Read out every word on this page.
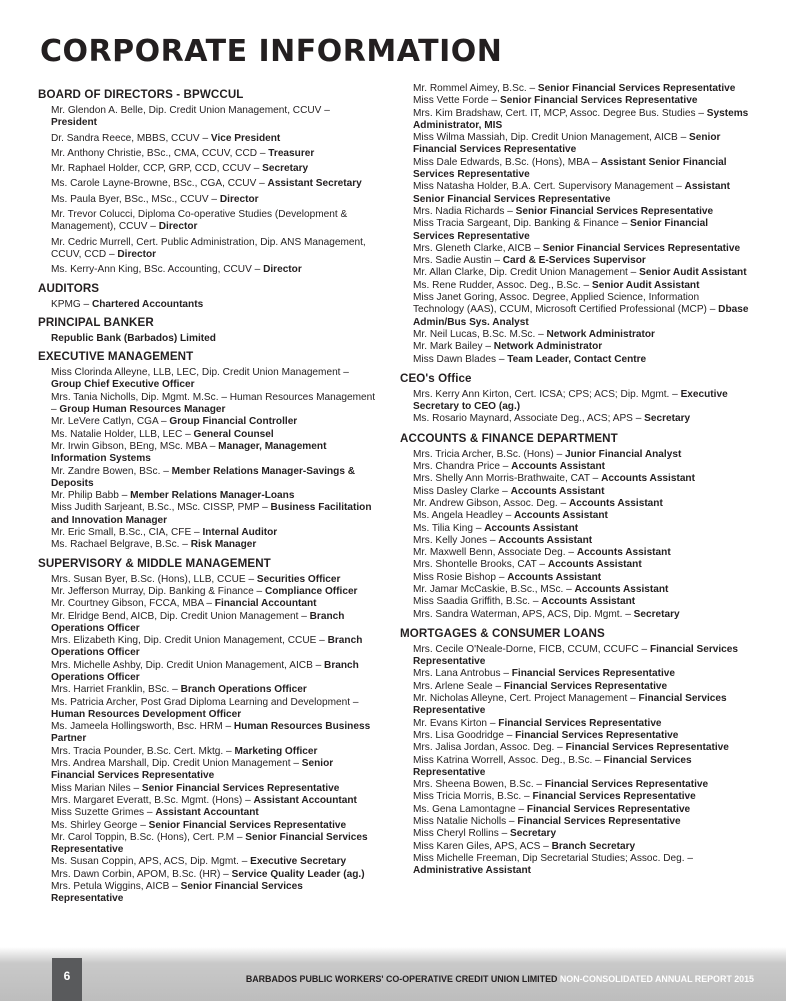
CORPORATE INFORMATION
BOARD OF DIRECTORS - BPWCCUL
Mr. Glendon A. Belle, Dip. Credit Union Management, CCUV – President
Dr. Sandra Reece, MBBS, CCUV – Vice President
Mr. Anthony Christie, BSc., CMA, CCUV, CCD – Treasurer
Mr. Raphael Holder, CCP, GRP, CCD, CCUV – Secretary
Ms. Carole Layne-Browne, BSc., CGA, CCUV – Assistant Secretary
Ms. Paula Byer, BSc., MSc., CCUV – Director
Mr. Trevor Colucci, Diploma Co-operative Studies (Development & Management), CCUV – Director
Mr. Cedric Murrell, Cert. Public Administration, Dip. ANS Management, CCUV, CCD – Director
Ms. Kerry-Ann King, BSc. Accounting, CCUV – Director
AUDITORS
KPMG – Chartered Accountants
PRINCIPAL BANKER
Republic Bank (Barbados) Limited
EXECUTIVE MANAGEMENT
Miss Clorinda Alleyne, LLB, LEC, Dip. Credit Union Management – Group Chief Executive Officer
Mrs. Tania Nicholls, Dip. Mgmt. M.Sc. – Human Resources Management – Group Human Resources Manager
Mr. LeVere Catlyn, CGA – Group Financial Controller
Ms. Natalie Holder, LLB, LEC – General Counsel
Mr. Irwin Gibson, BEng, MSc. MBA – Manager, Management Information Systems
Mr. Zandre Bowen, BSc. – Member Relations Manager-Savings & Deposits
Mr. Philip Babb – Member Relations Manager-Loans
Miss Judith Sarjeant, B.Sc., MSc. CISSP, PMP – Business Facilitation and Innovation Manager
Mr. Eric Small, B.Sc., CIA, CFE – Internal Auditor
Ms. Rachael Belgrave, B.Sc. – Risk Manager
SUPERVISORY & MIDDLE MANAGEMENT
Mrs. Susan Byer, B.Sc. (Hons), LLB, CCUE – Securities Officer
Mr. Jefferson Murray, Dip. Banking & Finance – Compliance Officer
Mr. Courtney Gibson, FCCA, MBA – Financial Accountant
Mr. Elridge Bend, AICB, Dip. Credit Union Management – Branch Operations Officer
Mrs. Elizabeth King, Dip. Credit Union Management, CCUE – Branch Operations Officer
Mrs. Michelle Ashby, Dip. Credit Union Management, AICB – Branch Operations Officer
Mrs. Harriet Franklin, BSc. – Branch Operations Officer
Ms. Patricia Archer, Post Grad Diploma Learning and Development – Human Resources Development Officer
Ms. Jameela Hollingsworth, Bsc. HRM – Human Resources Business Partner
Mrs. Tracia Pounder, B.Sc. Cert. Mktg. – Marketing Officer
Mrs. Andrea Marshall, Dip. Credit Union Management – Senior Financial Services Representative
Miss Marian Niles – Senior Financial Services Representative
Mrs. Margaret Everatt, B.Sc. Mgmt. (Hons) – Assistant Accountant
Miss Suzette Grimes – Assistant Accountant
Ms. Shirley George – Senior Financial Services Representative
Mr. Carol Toppin, B.Sc. (Hons), Cert. P.M – Senior Financial Services Representative
Ms. Susan Coppin, APS, ACS, Dip. Mgmt. – Executive Secretary
Mrs. Dawn Corbin, APOM, B.Sc. (HR) – Service Quality Leader (ag.)
Mrs. Petula Wiggins, AICB – Senior Financial Services Representative
Mr. Rommel Aimey, B.Sc. – Senior Financial Services Representative
Miss Vette Forde – Senior Financial Services Representative
Mrs. Kim Bradshaw, Cert. IT, MCP, Assoc. Degree Bus. Studies – Systems Administrator, MIS
Miss Wilma Massiah, Dip. Credit Union Management, AICB – Senior Financial Services Representative
Miss Dale Edwards, B.Sc. (Hons), MBA – Assistant Senior Financial Services Representative
Miss Natasha Holder, B.A. Cert. Supervisory Management – Assistant Senior Financial Services Representative
Mrs. Nadia Richards – Senior Financial Services Representative
Miss Tracia Sargeant, Dip. Banking & Finance – Senior Financial Services Representative
Mrs. Gleneth Clarke, AICB – Senior Financial Services Representative
Mrs. Sadie Austin – Card & E-Services Supervisor
Mr. Allan Clarke, Dip. Credit Union Management – Senior Audit Assistant
Ms. Rene Rudder, Assoc. Deg., B.Sc. – Senior Audit Assistant
Miss Janet Goring, Assoc. Degree, Applied Science, Information Technology (AAS), CCUM, Microsoft Certified Professional (MCP) – Dbase Admin/Bus Sys. Analyst
Mr. Neil Lucas, B.Sc. M.Sc. – Network Administrator
Mr. Mark Bailey – Network Administrator
Miss Dawn Blades – Team Leader, Contact Centre
CEO's Office
Mrs. Kerry Ann Kirton, Cert. ICSA; CPS; ACS; Dip. Mgmt. – Executive Secretary to CEO (ag.)
Ms. Rosario Maynard, Associate Deg., ACS; APS – Secretary
ACCOUNTS & FINANCE DEPARTMENT
Mrs. Tricia Archer, B.Sc. (Hons) – Junior Financial Analyst
Mrs. Chandra Price – Accounts Assistant
Mrs. Shelly Ann Morris-Brathwaite, CAT – Accounts Assistant
Miss Dasley Clarke – Accounts Assistant
Mr. Andrew Gibson, Assoc. Deg. – Accounts Assistant
Ms. Angela Headley – Accounts Assistant
Ms. Tilia King – Accounts Assistant
Mrs. Kelly Jones – Accounts Assistant
Mr. Maxwell Benn, Associate Deg. – Accounts Assistant
Mrs. Shontelle Brooks, CAT – Accounts Assistant
Miss Rosie Bishop – Accounts Assistant
Mr. Jamar McCaskie, B.Sc., MSc. – Accounts Assistant
Miss Saadia Griffith, B.Sc. – Accounts Assistant
Mrs. Sandra Waterman, APS, ACS, Dip. Mgmt. – Secretary
MORTGAGES & CONSUMER LOANS
Mrs. Cecile O'Neale-Dorne, FICB, CCUM, CCUFC – Financial Services Representative
Mrs. Lana Antrobus – Financial Services Representative
Mrs. Arlene Seale – Financial Services Representative
Mr. Nicholas Alleyne, Cert. Project Management – Financial Services Representative
Mr. Evans Kirton – Financial Services Representative
Mrs. Lisa Goodridge – Financial Services Representative
Mrs. Jalisa Jordan, Assoc. Deg. – Financial Services Representative
Miss Katrina Worrell, Assoc. Deg., B.Sc. – Financial Services Representative
Mrs. Sheena Bowen, B.Sc. – Financial Services Representative
Miss Tricia Morris, B.Sc. – Financial Services Representative
Ms. Gena Lamontagne – Financial Services Representative
Miss Natalie Nicholls – Financial Services Representative
Miss Cheryl Rollins – Secretary
Miss Karen Giles, APS, ACS – Branch Secretary
Miss Michelle Freeman, Dip Secretarial Studies; Assoc. Deg. – Administrative Assistant
6	BARBADOS PUBLIC WORKERS' CO-OPERATIVE CREDIT UNION LIMITED NON-CONSOLIDATED ANNUAL REPORT 2015
